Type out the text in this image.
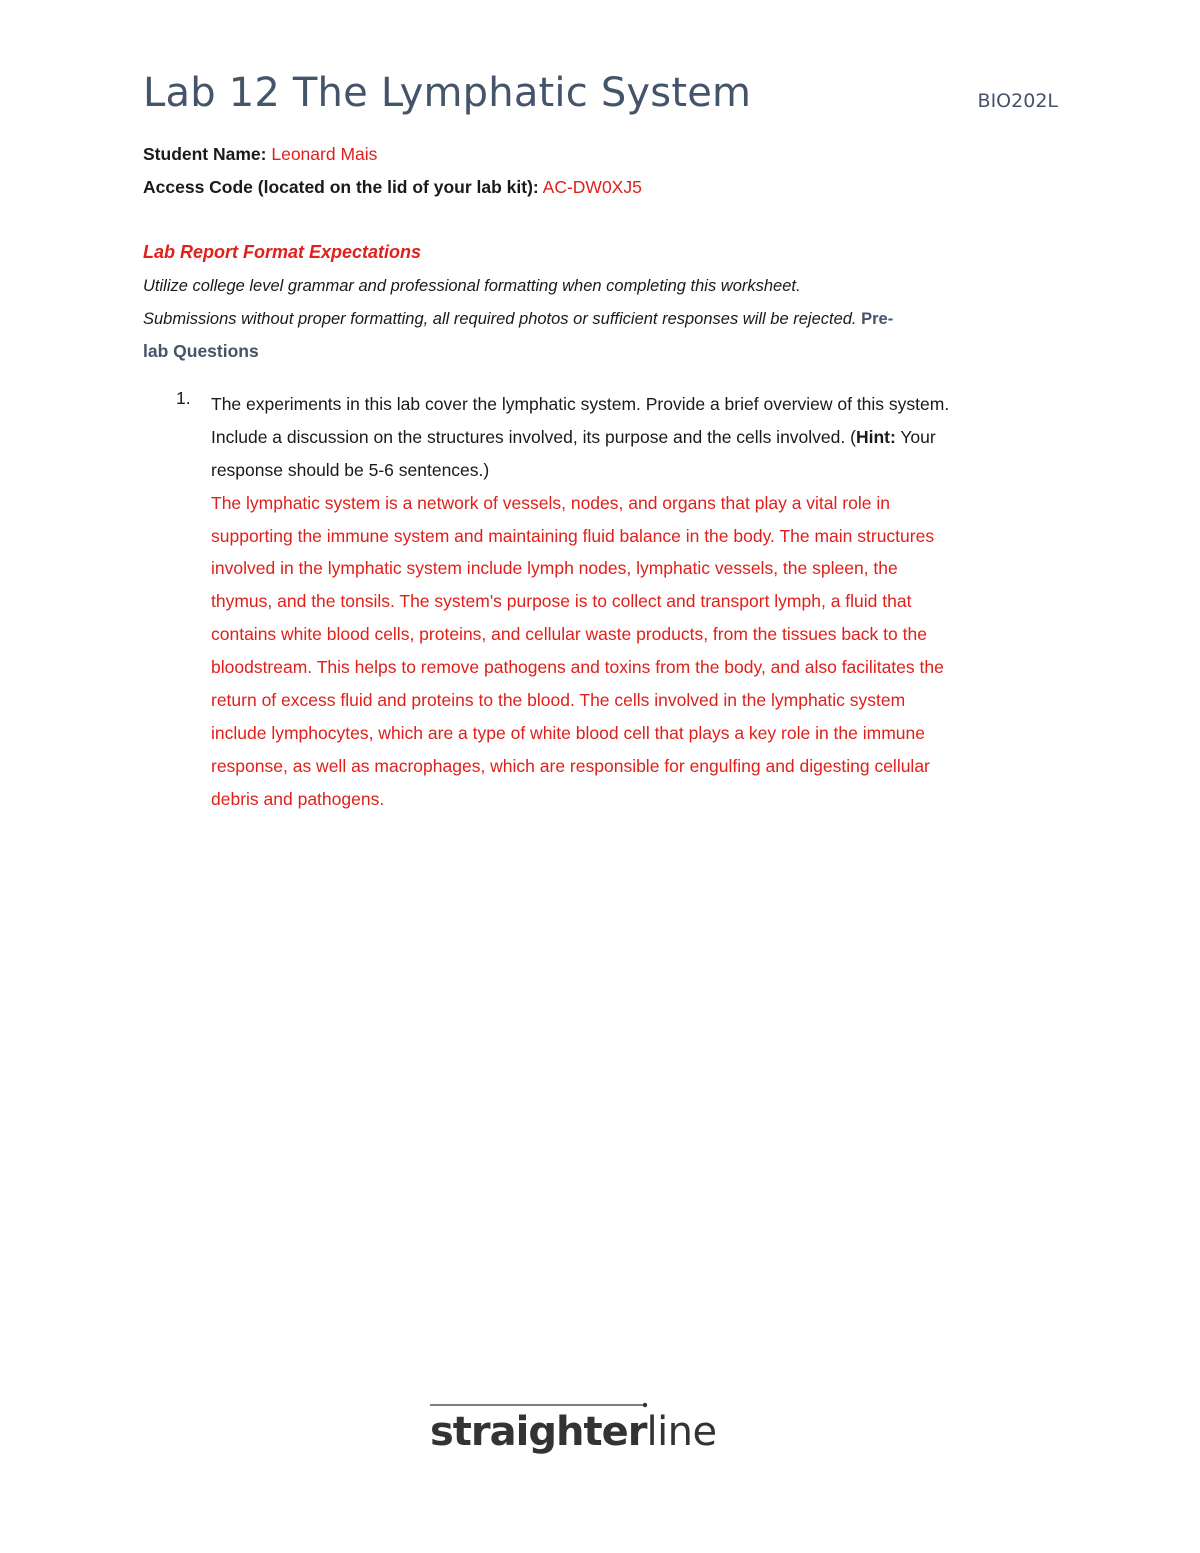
Lab 12 The Lymphatic System	BIO202L
Student Name: Leonard Mais
Access Code (located on the lid of your lab kit): AC-DW0XJ5
Lab Report Format Expectations
Utilize college level grammar and professional formatting when completing this worksheet.
Submissions without proper formatting, all required photos or sufficient responses will be rejected. Pre-
lab Questions
1. The experiments in this lab cover the lymphatic system. Provide a brief overview of this system.
Include a discussion on the structures involved, its purpose and the cells involved. (Hint: Your
response should be 5-6 sentences.)
The lymphatic system is a network of vessels, nodes, and organs that play a vital role in
supporting the immune system and maintaining fluid balance in the body. The main structures
involved in the lymphatic system include lymph nodes, lymphatic vessels, the spleen, the
thymus, and the tonsils. The system's purpose is to collect and transport lymph, a fluid that
contains white blood cells, proteins, and cellular waste products, from the tissues back to the
bloodstream. This helps to remove pathogens and toxins from the body, and also facilitates the
return of excess fluid and proteins to the blood. The cells involved in the lymphatic system
include lymphocytes, which are a type of white blood cell that plays a key role in the immune
response, as well as macrophages, which are responsible for engulfing and digesting cellular
debris and pathogens.
straighterline
